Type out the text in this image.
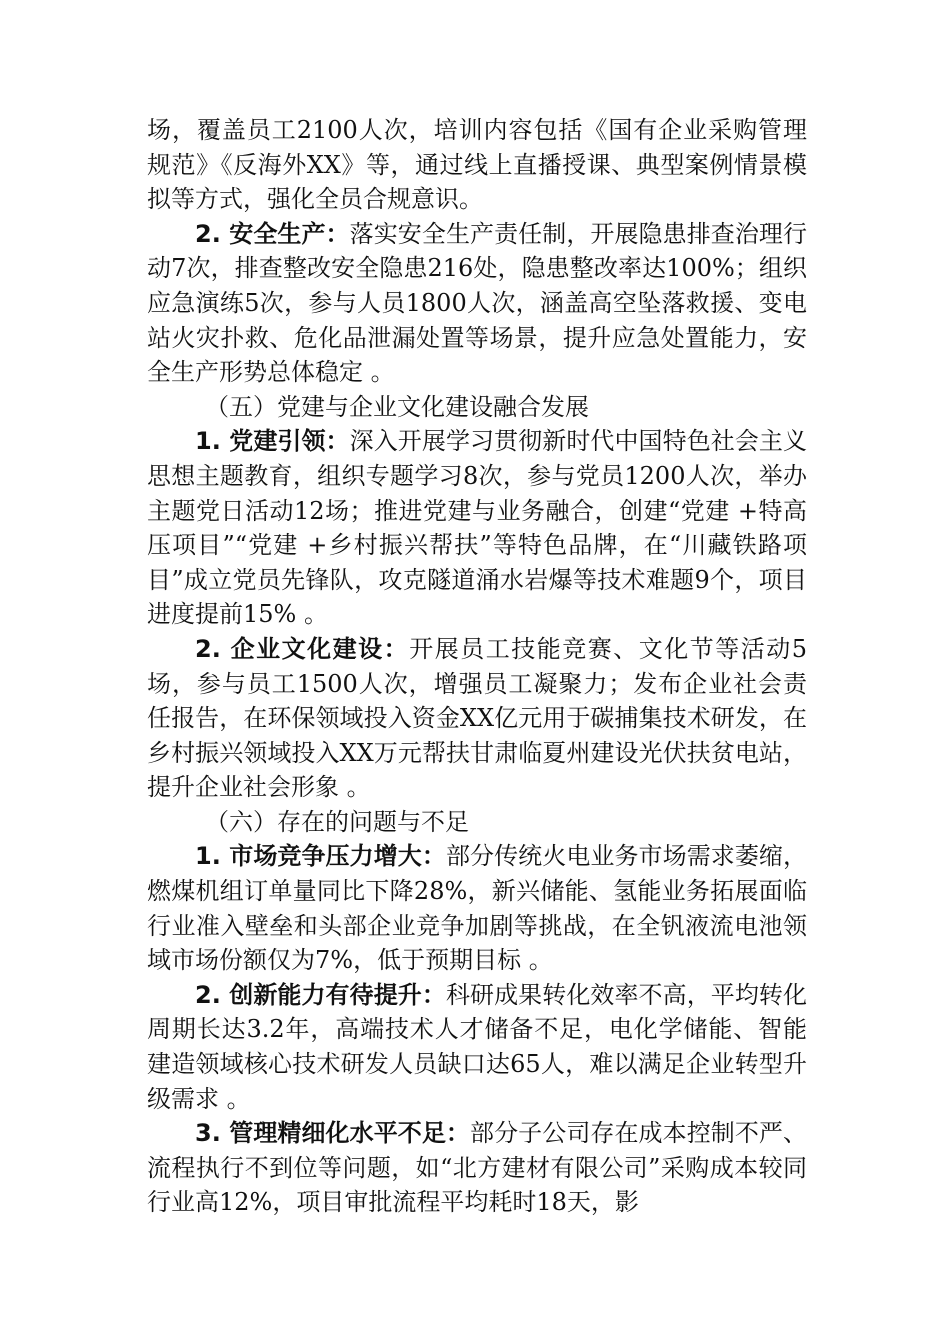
场，覆盖员工2100人次，培训内容包括《国有企业采购管理规范》《反海外XX》等，通过线上直播授课、典型案例情景模拟等方式，强化全员合规意识。

2. 安全生产：落实安全生产责任制，开展隐患排查治理行动7次，排查整改安全隐患216处，隐患整改率达100%；组织应急演练5次，参与人员1800人次，涵盖高空坠落救援、变电站火灾扑救、危化品泄漏处置等场景，提升应急处置能力，安全生产形势总体稳定 。

（五）党建与企业文化建设融合发展

1. 党建引领：深入开展学习贯彻新时代中国特色社会主义思想主题教育，组织专题学习8次，参与党员1200人次，举办主题党日活动12场；推进党建与业务融合，创建“党建 +特高压项目”“党建 +乡村振兴帮扶”等特色品牌，在“川藏铁路项目”成立党员先锋队，攻克隧道涌水岩爆等技术难题9个，项目进度提前15% 。

2. 企业文化建设：开展员工技能竞赛、文化节等活动5场，参与员工1500人次，增强员工凝聚力；发布企业社会责任报告，在环保领域投入资金XX亿元用于碳捕集技术研发，在乡村振兴领域投入XX万元帮扶甘肃临夏州建设光伏扶贫电站，提升企业社会形象 。

（六）存在的问题与不足

1. 市场竞争压力增大：部分传统火电业务市场需求萎缩，燃煤机组订单量同比下降28%，新兴储能、氢能业务拓展面临行业准入壁垒和头部企业竞争加剧等挑战，在全钒液流电池领域市场份额仅为7%，低于预期目标 。

2. 创新能力有待提升：科研成果转化效率不高，平均转化周期长达3.2年，高端技术人才储备不足，电化学储能、智能建造领域核心技术研发人员缺口达65人，难以满足企业转型升级需求 。

3. 管理精细化水平不足：部分子公司存在成本控制不严、流程执行不到位等问题，如“北方建材有限公司”采购成本较同行业高12%，项目审批流程平均耗时18天，影
